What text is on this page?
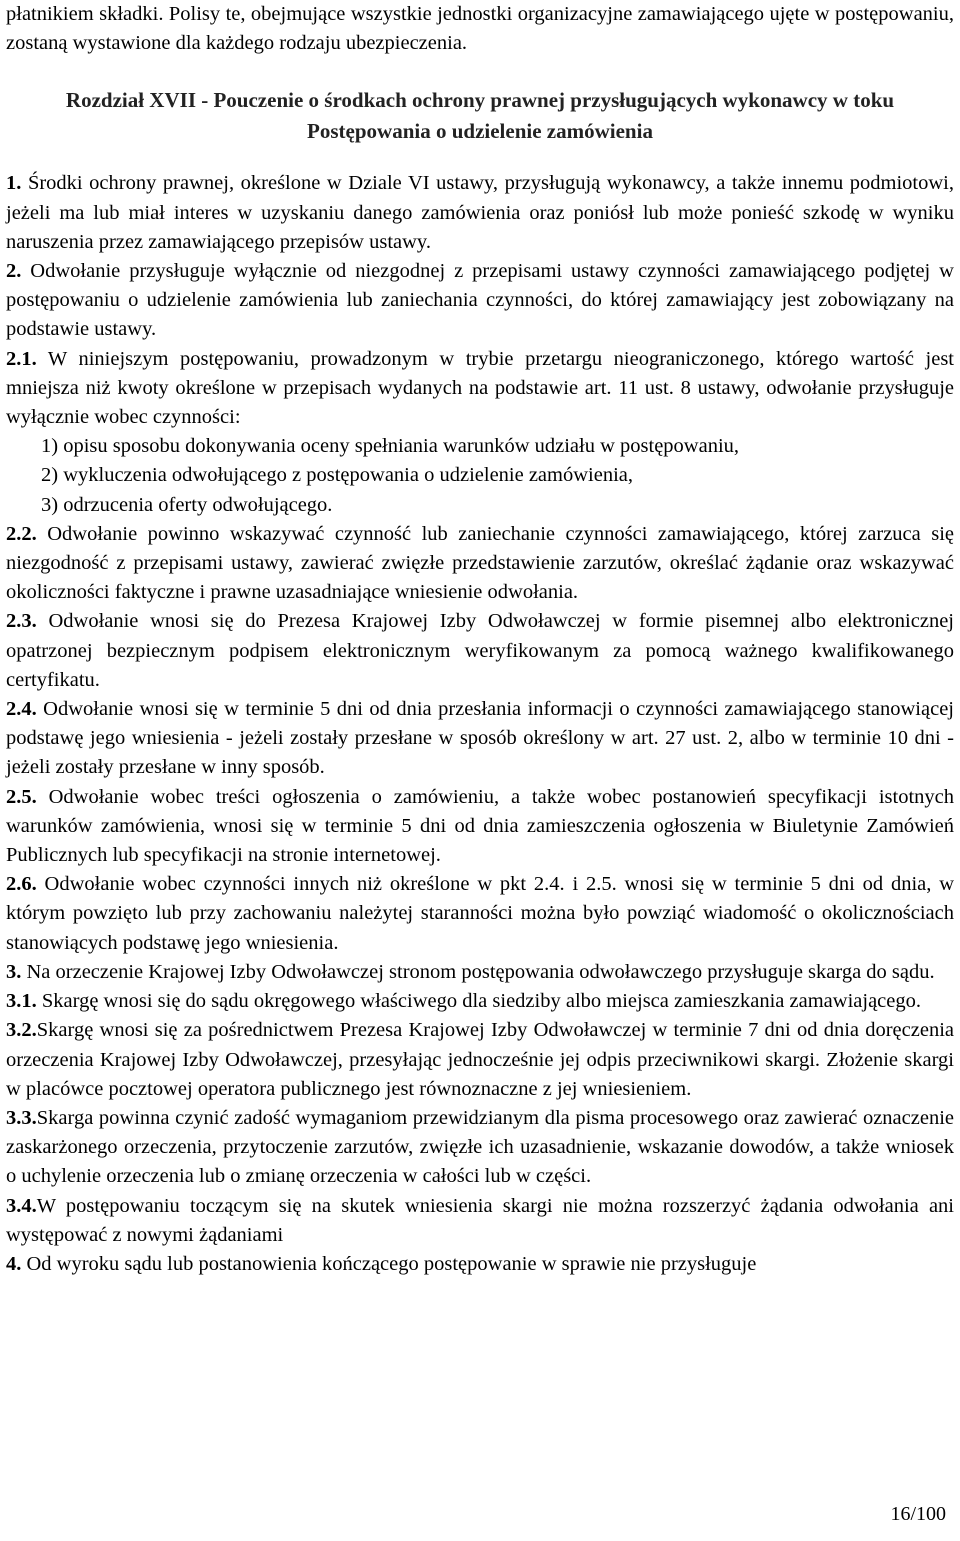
płatnikiem składki. Polisy te, obejmujące wszystkie jednostki organizacyjne zamawiającego ujęte w postępowaniu, zostaną wystawione dla każdego rodzaju ubezpieczenia.

Rozdział XVII - Pouczenie o środkach ochrony prawnej przysługujących wykonawcy w toku Postępowania o udzielenie zamówienia

1. Środki ochrony prawnej, określone w Dziale VI ustawy, przysługują wykonawcy, a także innemu podmiotowi, jeżeli ma lub miał interes w uzyskaniu danego zamówienia oraz poniósł lub może ponieść szkodę w wyniku naruszenia przez zamawiającego przepisów ustawy.

2. Odwołanie przysługuje wyłącznie od niezgodnej z przepisami ustawy czynności zamawiającego podjętej w postępowaniu o udzielenie zamówienia lub zaniechania czynności, do której zamawiający jest zobowiązany na podstawie ustawy.

2.1. W niniejszym postępowaniu, prowadzonym w trybie przetargu nieograniczonego, którego wartość jest mniejsza niż kwoty określone w przepisach wydanych na podstawie art. 11 ust. 8 ustawy, odwołanie przysługuje wyłącznie wobec czynności:

1) opisu sposobu dokonywania oceny spełniania warunków udziału w postępowaniu,

2) wykluczenia odwołującego z postępowania o udzielenie zamówienia,

3) odrzucenia oferty odwołującego.

2.2. Odwołanie powinno wskazywać czynność lub zaniechanie czynności zamawiającego, której zarzuca się niezgodność z przepisami ustawy, zawierać zwięzłe przedstawienie zarzutów, określać żądanie oraz wskazywać okoliczności faktyczne i prawne uzasadniające wniesienie odwołania.

2.3. Odwołanie wnosi się do Prezesa Krajowej Izby Odwoławczej w formie pisemnej albo elektronicznej opatrzonej bezpiecznym podpisem elektronicznym weryfikowanym za pomocą ważnego kwalifikowanego certyfikatu.

2.4. Odwołanie wnosi się w terminie 5 dni od dnia przesłania informacji o czynności zamawiającego stanowiącej podstawę jego wniesienia - jeżeli zostały przesłane w sposób określony w art. 27 ust. 2, albo w terminie 10 dni - jeżeli zostały przesłane w inny sposób.

2.5. Odwołanie wobec treści ogłoszenia o zamówieniu, a także wobec postanowień specyfikacji istotnych warunków zamówienia, wnosi się w terminie 5 dni od dnia zamieszczenia ogłoszenia w Biuletynie Zamówień Publicznych lub specyfikacji na stronie internetowej.

2.6. Odwołanie wobec czynności innych niż określone w pkt 2.4. i 2.5. wnosi się w terminie 5 dni od dnia, w którym powzięto lub przy zachowaniu należytej staranności można było powziąć wiadomość o okolicznościach stanowiących podstawę jego wniesienia.

3. Na orzeczenie Krajowej Izby Odwoławczej stronom postępowania odwoławczego przysługuje skarga do sądu.

3.1. Skargę wnosi się do sądu okręgowego właściwego dla siedziby albo miejsca zamieszkania zamawiającego.

3.2.Skargę wnosi się za pośrednictwem Prezesa Krajowej Izby Odwoławczej w terminie 7 dni od dnia doręczenia orzeczenia Krajowej Izby Odwoławczej, przesyłając jednocześnie jej odpis przeciwnikowi skargi. Złożenie skargi w placówce pocztowej operatora publicznego jest równoznaczne z jej wniesieniem.

3.3.Skarga powinna czynić zadość wymaganiom przewidzianym dla pisma procesowego oraz zawierać oznaczenie zaskarżonego orzeczenia, przytoczenie zarzutów, zwięzłe ich uzasadnienie, wskazanie dowodów, a także wniosek o uchylenie orzeczenia lub o zmianę orzeczenia w całości lub w części.

3.4.W postępowaniu toczącym się na skutek wniesienia skargi nie można rozszerzyć żądania odwołania ani występować z nowymi żądaniami

4. Od wyroku sądu lub postanowienia kończącego postępowanie w sprawie nie przysługuje

16/100
